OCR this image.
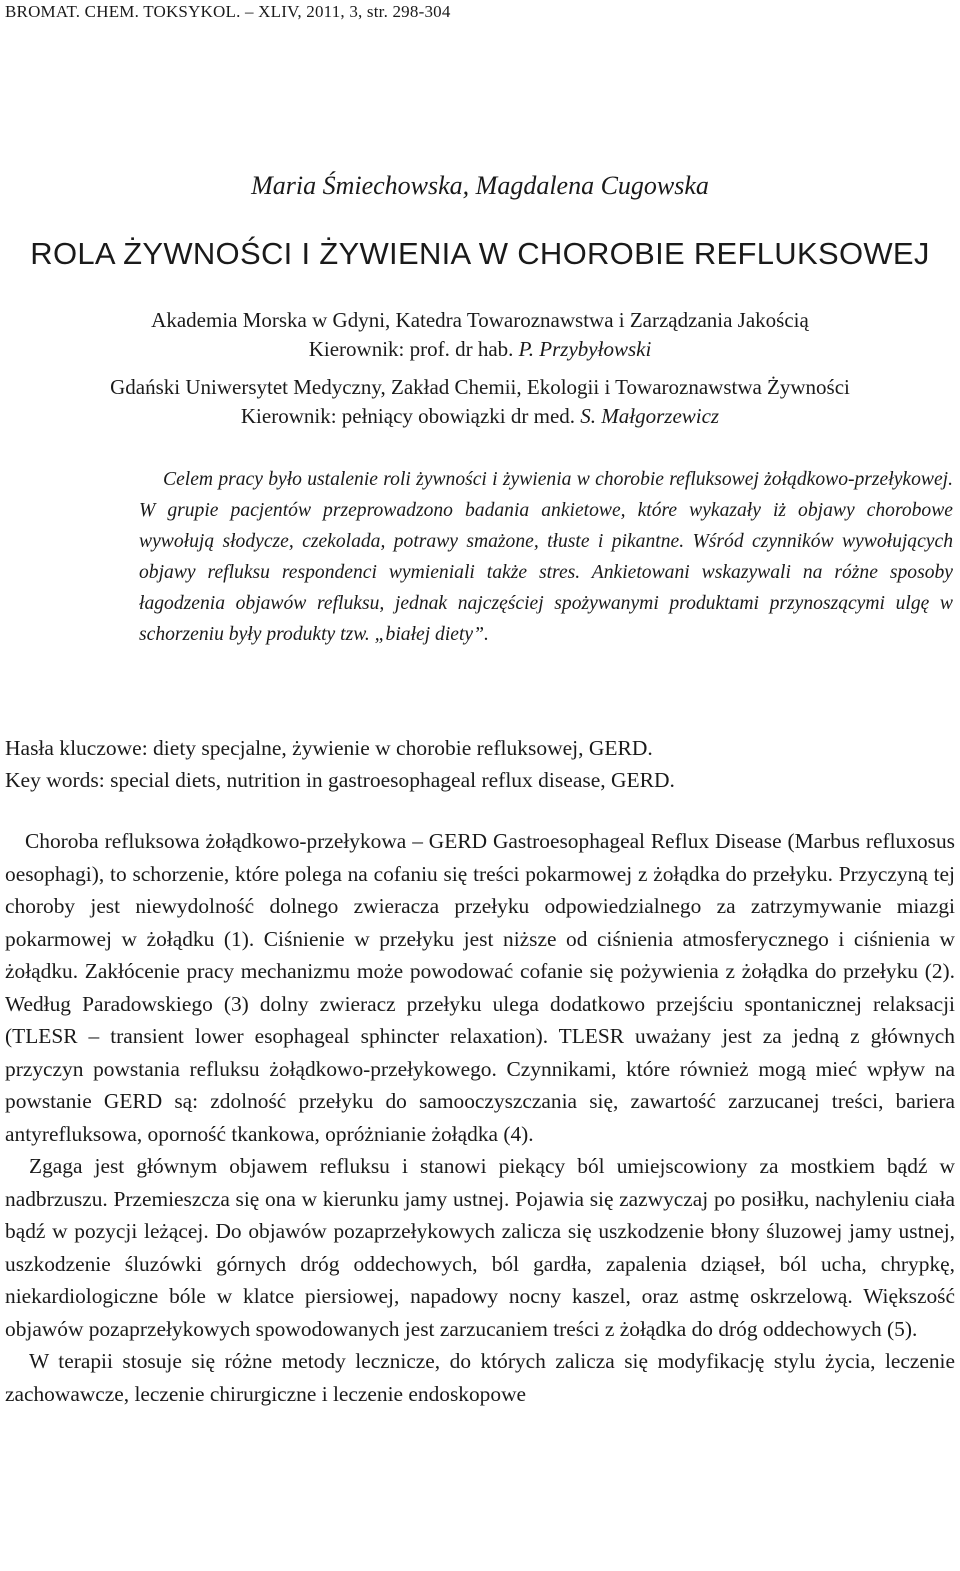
BROMAT. CHEM. TOKSYKOL. – XLIV, 2011, 3, str. 298-304
Maria Śmiechowska, Magdalena Cugowska
ROLA ŻYWNOŚCI I ŻYWIENIA W CHOROBIE REFLUKSOWEJ
Akademia Morska w Gdyni, Katedra Towaroznawstwa i Zarządzania Jakością
Kierownik: prof. dr hab. P. Przybyłowski
Gdański Uniwersytet Medyczny, Zakład Chemii, Ekologii i Towaroznawstwa Żywności
Kierownik: pełniący obowiązki dr med. S. Małgorzewicz
Celem pracy było ustalenie roli żywności i żywienia w chorobie refluksowej żołądkowo-przełykowej. W grupie pacjentów przeprowadzono badania ankietowe, które wykazały iż objawy chorobowe wywołują słodycze, czekolada, potrawy smażone, tłuste i pikantne. Wśród czynników wywołujących objawy refluksu respondenci wymieniali także stres. Ankietowani wskazywali na różne sposoby łagodzenia objawów refluksu, jednak najczęściej spożywanymi produktami przynoszącymi ulgę w schorzeniu były produkty tzw. „białej diety”.
Hasła kluczowe: diety specjalne, żywienie w chorobie refluksowej, GERD.
Key words: special diets, nutrition in gastroesophageal reflux disease, GERD.

Choroba refluksowa żołądkowo-przełykowa – GERD Gastroesophageal Reflux Disease (Marbus refluxosus oesophagi), to schorzenie, które polega na cofaniu się treści pokarmowej z żołądka do przełyku. Przyczyną tej choroby jest niewydolność dolnego zwieracza przełyku odpowiedzialnego za zatrzymywanie miazgi pokarmowej w żołądku (1). Ciśnienie w przełyku jest niższe od ciśnienia atmosferycznego i ciśnienia w żołądku. Zakłócenie pracy mechanizmu może powodować cofanie się pożywienia z żołądka do przełyku (2). Według Paradowskiego (3) dolny zwieracz przełyku ulega dodatkowo przejściu spontanicznej relaksacji (TLESR – transient lower esophageal sphincter relaxation). TLESR uważany jest za jedną z głównych przyczyn powstania refluksu żołądkowo-przełykowego. Czynnikami, które również mogą mieć wpływ na powstanie GERD są: zdolność przełyku do samooczyszczania się, zawartość zarzucanej treści, bariera antyrefluksowa, oporność tkankowa, opróżnianie żołądka (4).

Zgaga jest głównym objawem refluksu i stanowi piekący ból umiejscowiony za mostkiem bądź w nadbrzuszu. Przemieszcza się ona w kierunku jamy ustnej. Pojawia się zazwyczaj po posiłku, nachyleniu ciała bądź w pozycji leżącej. Do objawów pozaprzełykowych zalicza się uszkodzenie błony śluzowej jamy ustnej, uszkodzenie śluzówki górnych dróg oddechowych, ból gardła, zapalenia dziąseł, ból ucha, chrypkę, niekardiologiczne bóle w klatce piersiowej, napadowy nocny kaszel, oraz astmę oskrzelową. Większość objawów pozaprzełykowych spowodowanych jest zarzucaniem treści z żołądka do dróg oddechowych (5).

W terapii stosuje się różne metody lecznicze, do których zalicza się modyfikację stylu życia, leczenie zachowawcze, leczenie chirurgiczne i leczenie endoskopowe
